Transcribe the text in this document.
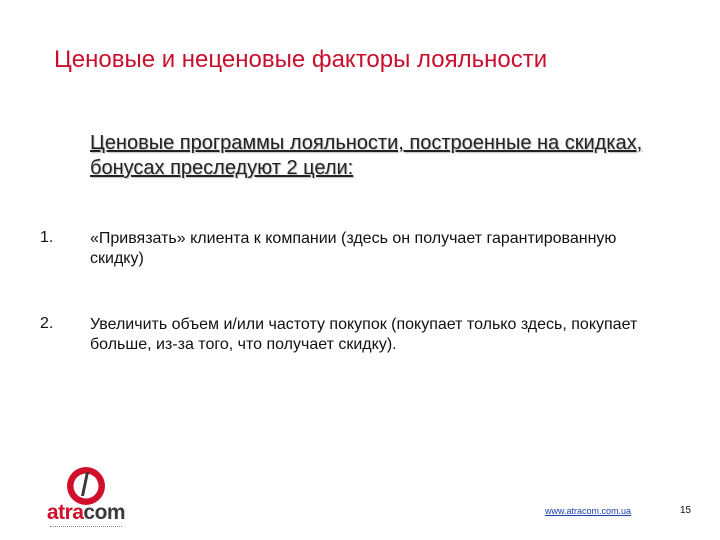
Ценовые и неценовые факторы лояльности
Ценовые программы лояльности, построенные на скидках, бонусах преследуют 2 цели:
1. «Привязать» клиента к компании (здесь он получает гарантированную скидку)
2. Увеличить объем и/или частоту покупок (покупает только здесь, покупает больше, из-за того, что получает скидку).
atracom	www.atracom.com.ua	15
